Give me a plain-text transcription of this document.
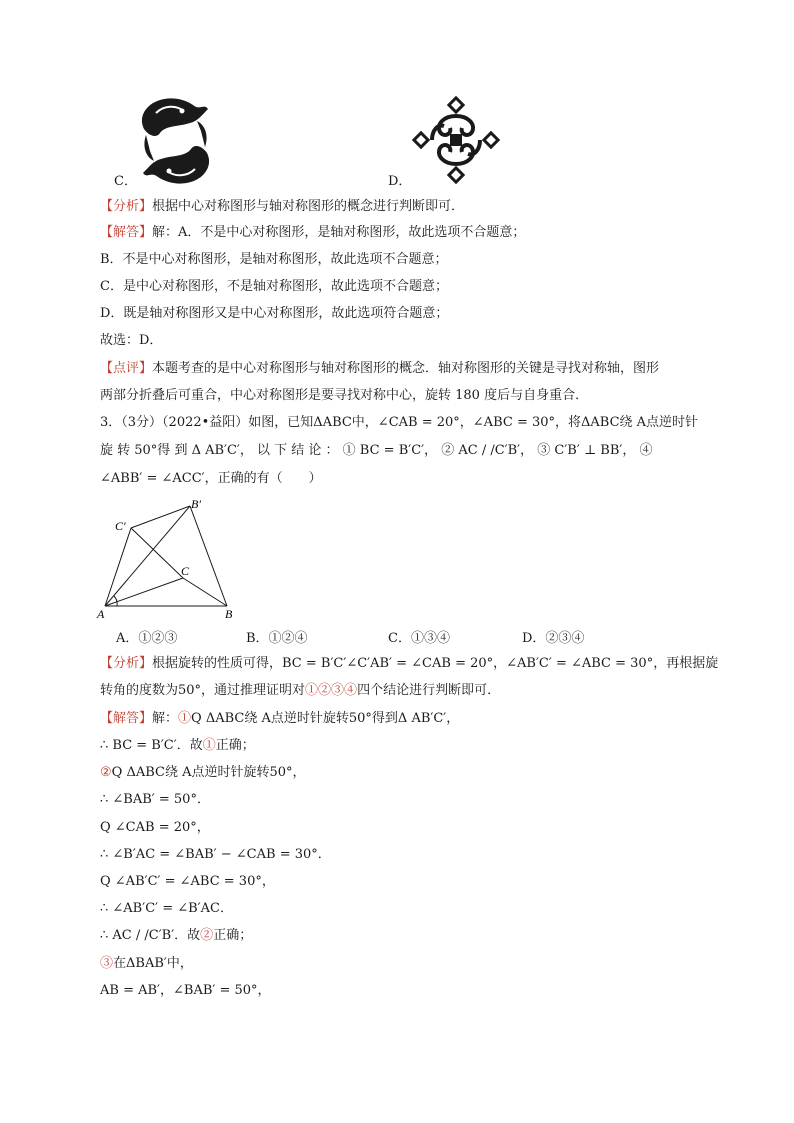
C．	D．
【分析】根据中心对称图形与轴对称图形的概念进行判断即可．
【解答】解：A．不是中心对称图形，是轴对称图形，故此选项不合题意；
B．不是中心对称图形，是轴对称图形，故此选项不合题意；
C．是中心对称图形，不是轴对称图形，故此选项不合题意；
D．既是轴对称图形又是中心对称图形，故此选项符合题意；
故选：D．
【点评】本题考查的是中心对称图形与轴对称图形的概念．轴对称图形的关键是寻找对称轴，图形
两部分折叠后可重合，中心对称图形是要寻找对称中心，旋转 180 度后与自身重合．
3．（3分）（2022•益阳）如图，已知ΔABC中，∠CAB = 20°，∠ABC = 30°，将ΔABC绕 A点逆时针
旋 转 50°得 到 Δ AB′C′， 以 下 结 论 ： ① BC = B′C′， ② AC / /C′B′， ③ C′B′ ⊥ BB′， ④
∠ABB′ = ∠ACC′，正确的有（　　）
A	B
C
B′
C′
A．①②③	B．①②④	C．①③④	D．②③④
【分析】根据旋转的性质可得，BC = B′C′∠C′AB′ = ∠CAB = 20°，∠AB′C′ = ∠ABC = 30°，再根据旋
转角的度数为50°，通过推理证明对①②③④四个结论进行判断即可．
【解答】解：①Q ΔABC绕 A点逆时针旋转50°得到Δ AB′C′，
∴ BC = B′C′．故①正确；
②Q ΔABC绕 A点逆时针旋转50°，
∴ ∠BAB′ = 50°．
Q ∠CAB = 20°，
∴ ∠B′AC = ∠BAB′ − ∠CAB = 30°．
Q ∠AB′C′ = ∠ABC = 30°，
∴ ∠AB′C′ = ∠B′AC．
∴ AC / /C′B′．故②正确；
③在ΔBAB′中，
AB = AB′，∠BAB′ = 50°，
